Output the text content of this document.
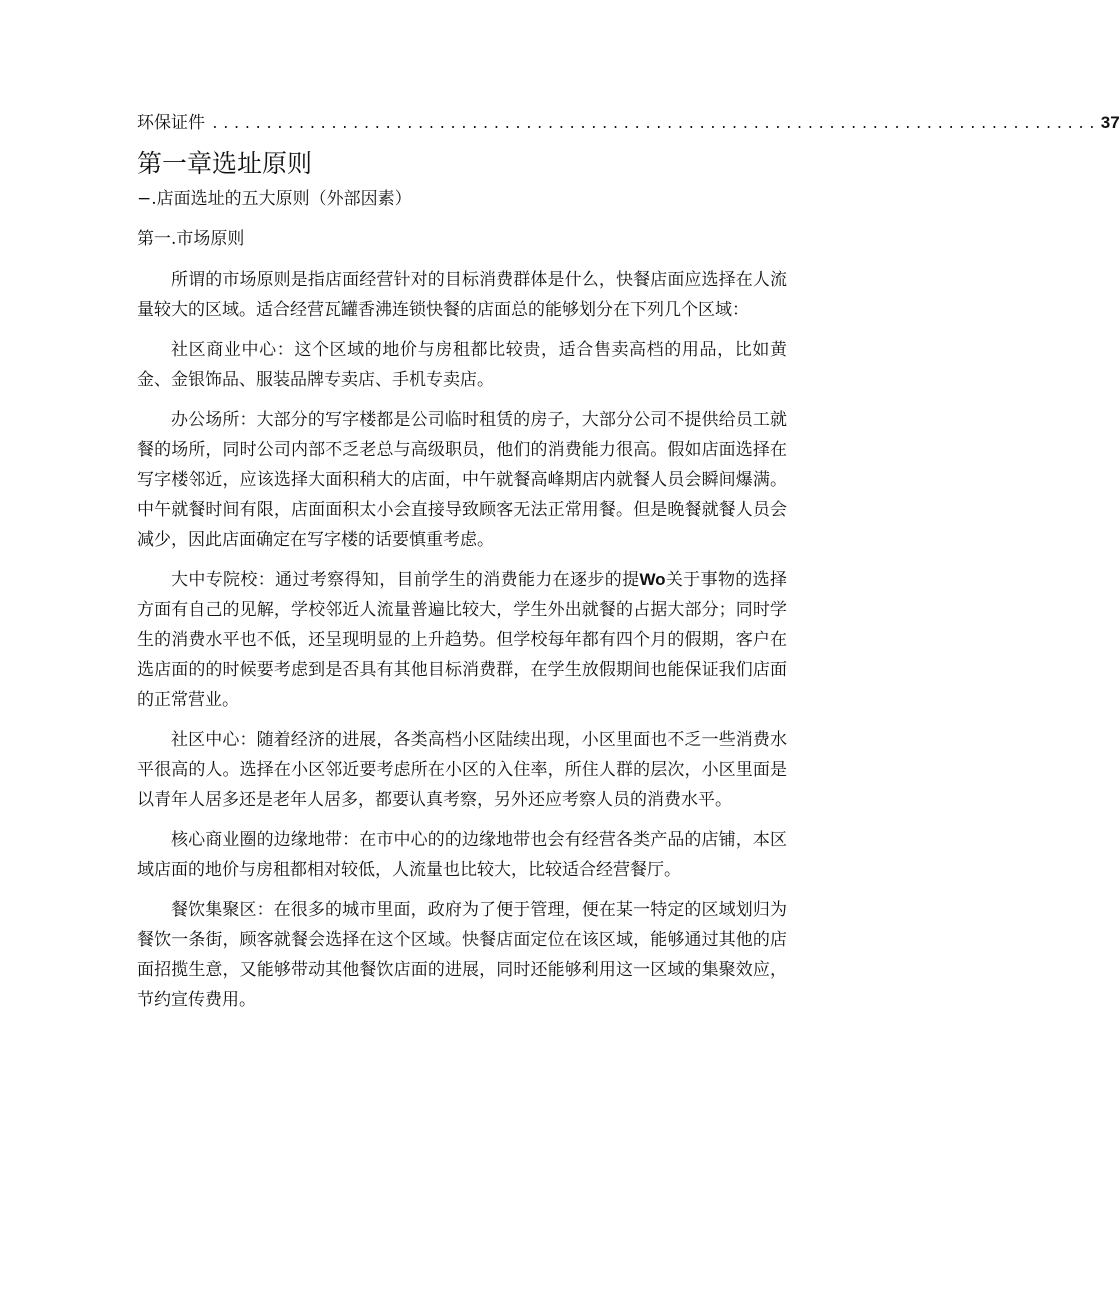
环保证件 .................................................................................. 37
第一章选址原则
−.店面选址的五大原则（外部因素）
第一.市场原则

所谓的市场原则是指店面经营针对的目标消费群体是什么，快餐店面应选择在人流量较大的区域。适合经营瓦罐香沸连锁快餐的店面总的能够划分在下列几个区域：

社区商业中心：这个区域的地价与房租都比较贵，适合售卖高档的用品，比如黄金、金银饰品、服装品牌专卖店、手机专卖店。

办公场所：大部分的写字楼都是公司临时租赁的房子，大部分公司不提供给员工就餐的场所，同时公司内部不乏老总与高级职员，他们的消费能力很高。假如店面选择在写字楼邻近，应该选择大面积稍大的店面，中午就餐高峰期店内就餐人员会瞬间爆满。中午就餐时间有限，店面面积太小会直接导致顾客无法正常用餐。但是晚餐就餐人员会减少，因此店面确定在写字楼的话要慎重考虑。

大中专院校：通过考察得知，目前学生的消费能力在逐步的提Wo关于事物的选择方面有自己的见解，学校邻近人流量普遍比较大，学生外出就餐的占据大部分；同时学生的消费水平也不低，还呈现明显的上升趋势。但学校每年都有四个月的假期，客户在选店面的的时候要考虑到是否具有其他目标消费群，在学生放假期间也能保证我们店面的正常营业。

社区中心：随着经济的进展，各类高档小区陆续出现，小区里面也不乏一些消费水平很高的人。选择在小区邻近要考虑所在小区的入住率，所住人群的层次，小区里面是以青年人居多还是老年人居多，都要认真考察，另外还应考察人员的消费水平。

核心商业圈的边缘地带：在市中心的的边缘地带也会有经营各类产品的店铺，本区域店面的地价与房租都相对较低，人流量也比较大，比较适合经营餐厅。

餐饮集聚区：在很多的城市里面，政府为了便于管理，便在某一特定的区域划归为餐饮一条街，顾客就餐会选择在这个区域。快餐店面定位在该区域，能够通过其他的店面招揽生意，又能够带动其他餐饮店面的进展，同时还能够利用这一区域的集聚效应，节约宣传费用。
